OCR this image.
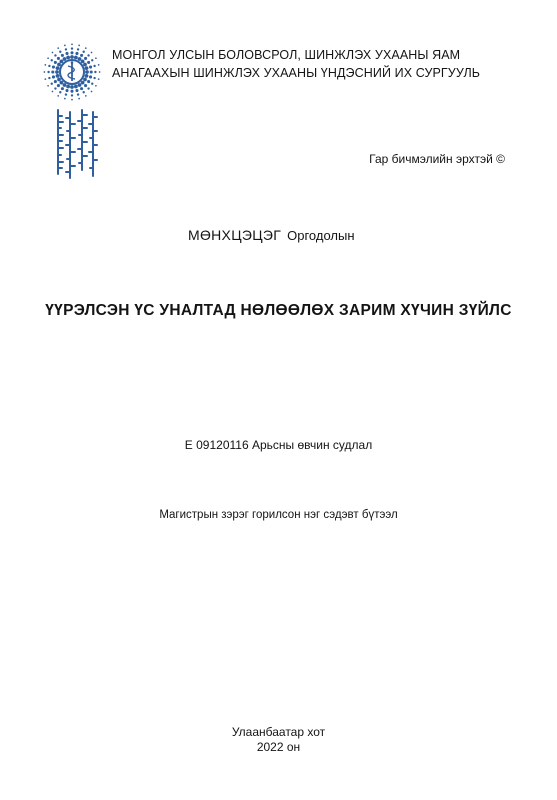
МОНГОЛ УЛСЫН БОЛОВСРОЛ, ШИНЖЛЭХ УХААНЫ ЯАМ
АНАГААХЫН ШИНЖЛЭХ УХААНЫ ҮНДЭСНИЙ ИХ СУРГУУЛЬ
Гар бичмэлийн эрхтэй ©
МӨНХЦЭЦЭГ Оргодолын
ҮҮРЭЛСЭН ҮС УНАЛТАД НӨЛӨӨЛӨХ ЗАРИМ ХҮЧИН ЗҮЙЛС
Е 09120116 Арьсны өвчин судлал
Магистрын зэрэг горилсон нэг сэдэвт бүтээл
Улаанбаатар хот
2022 он
